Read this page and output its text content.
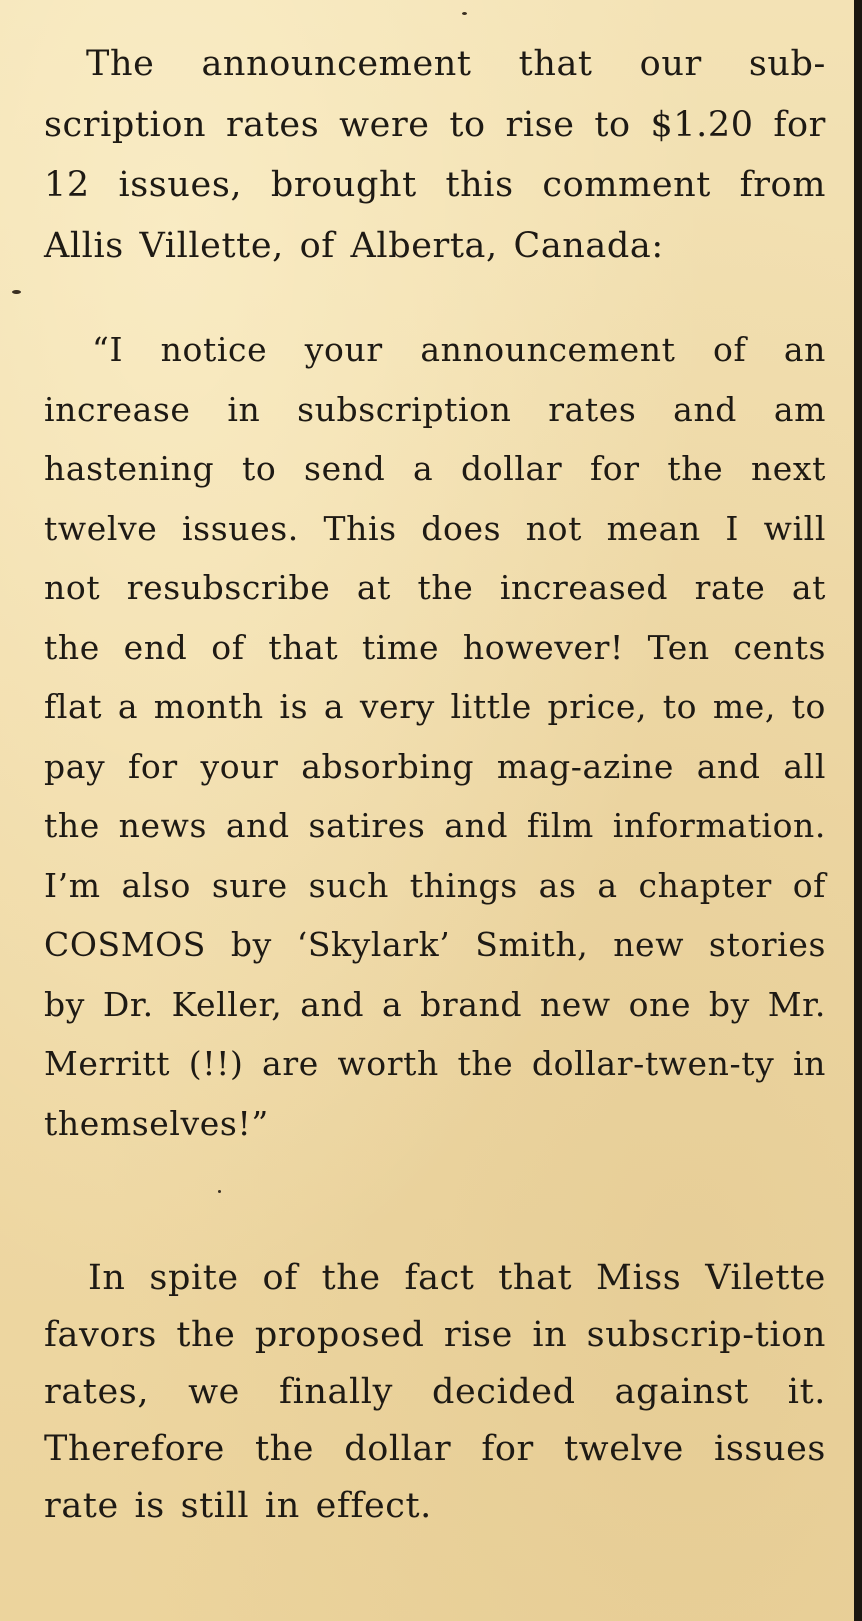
The announcement that our sub-scription rates were to rise to $1.20 for 12 issues, brought this comment from Allis Villette, of Alberta, Canada:

“I notice your announcement of an increase in subscription rates and am hastening to send a dollar for the next twelve issues. This does not mean I will not resubscribe at the increased rate at the end of that time however! Ten cents flat a month is a very little price, to me, to pay for your absorbing mag-azine and all the news and satires and film information. I’m also sure such things as a chapter of COSMOS by ‘Skylark’ Smith, new stories by Dr. Keller, and a brand new one by Mr. Merritt (!!) are worth the dollar-twen-ty in themselves!”

In spite of the fact that Miss Vilette favors the proposed rise in subscrip-tion rates, we finally decided against it. Therefore the dollar for twelve issues rate is still in effect.
